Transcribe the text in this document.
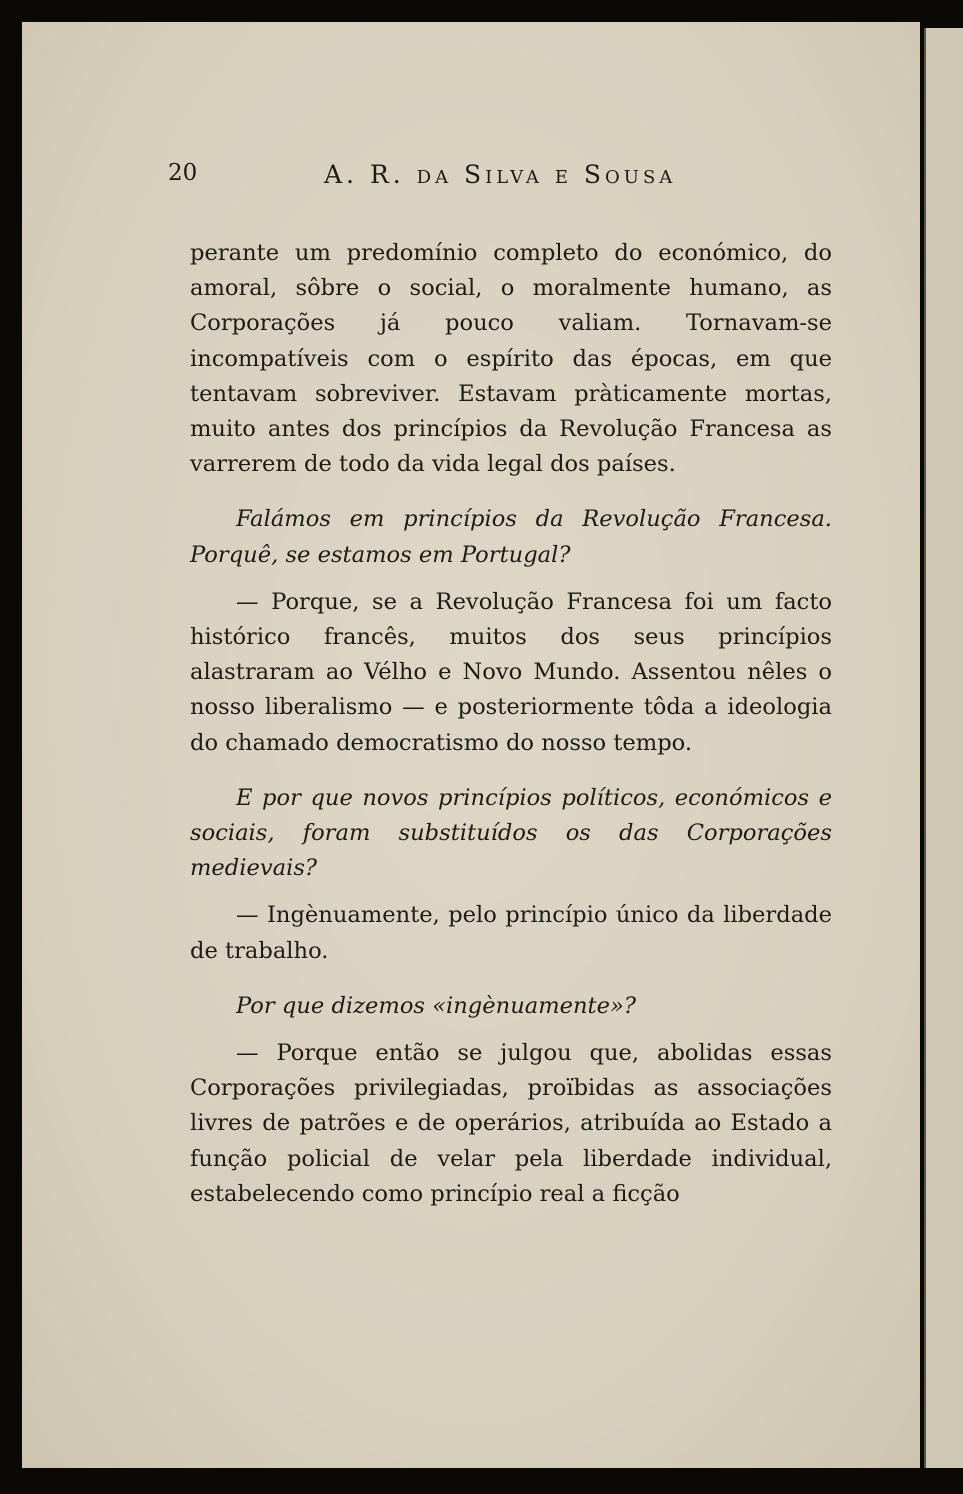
20	A. R. da Silva e Sousa

perante um predomínio completo do económico, do amoral, sôbre o social, o moralmente humano, as Corporações já pouco valiam. Tornavam-se incompatíveis com o espírito das épocas, em que tentavam sobreviver. Estavam pràticamente mortas, muito antes dos princípios da Revolução Francesa as varrerem de todo da vida legal dos países.

Falámos em princípios da Revolução Francesa. Porquê, se estamos em Portugal?

— Porque, se a Revolução Francesa foi um facto histórico francês, muitos dos seus princípios alastraram ao Vélho e Novo Mundo. Assentou nêles o nosso liberalismo — e posteriormente tôda a ideologia do chamado democratismo do nosso tempo.

E por que novos princípios políticos, económicos e sociais, foram substituídos os das Corporações medievais?

— Ingènuamente, pelo princípio único da liberdade de trabalho.

Por que dizemos «ingènuamente»?

— Porque então se julgou que, abolidas essas Corporações privilegiadas, proïbidas as associações livres de patrões e de operários, atribuída ao Estado a função policial de velar pela liberdade individual, estabelecendo como princípio real a ficção
